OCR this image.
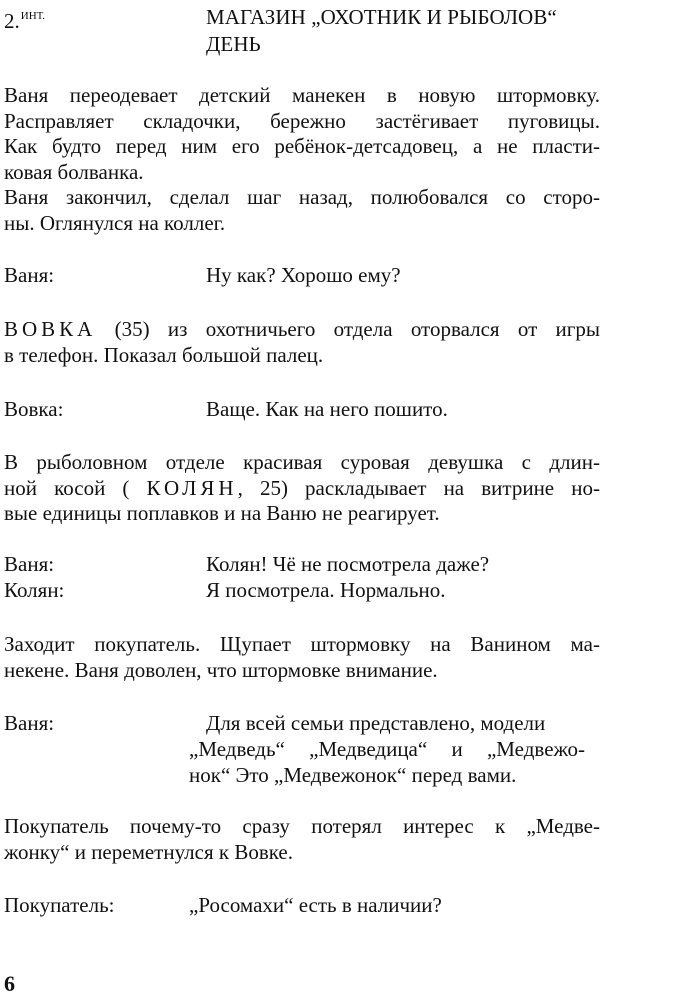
2.$^{ИНТ.}$	МАГАЗИН „ОХОТНИК И РЫБОЛОВ“
ДЕНЬ
Ваня переодевает детский манекен в новую штормовку.
Расправляет складочки, бережно застёгивает пуговицы.
Как будто перед ним его ребёнок-детсадовец, а не пласти-
ковая болванка.
Ваня закончил, сделал шаг назад, полюбовался со сторо-
ны. Оглянулся на коллег.
Ваня:	Ну как? Хорошо ему?
ВОВКА (35) из охотничьего отдела оторвался от игры
в телефон. Показал большой палец.
Вовка:	Ваще. Как на него пошито.
В рыболовном отделе красивая суровая девушка с длин-
ной косой ( КОЛЯН, 25) раскладывает на витрине но-
вые единицы поплавков и на Ваню не реагирует.
Ваня:	Колян! Чё не посмотрела даже?
Колян:	Я посмотрела. Нормально.
Заходит покупатель. Щупает штормовку на Ванином ма-
некене. Ваня доволен, что штормовке внимание.
Ваня:	Для всей семьи представлено, модели
„Медведь“ „Медведица“ и „Медвежо-
нок“ Это „Медвежонок“ перед вами.
Покупатель почему-то сразу потерял интерес к „Медве-
жонку“ и переметнулся к Вовке.
Покупатель:	„Росомахи“ есть в наличии?
6
